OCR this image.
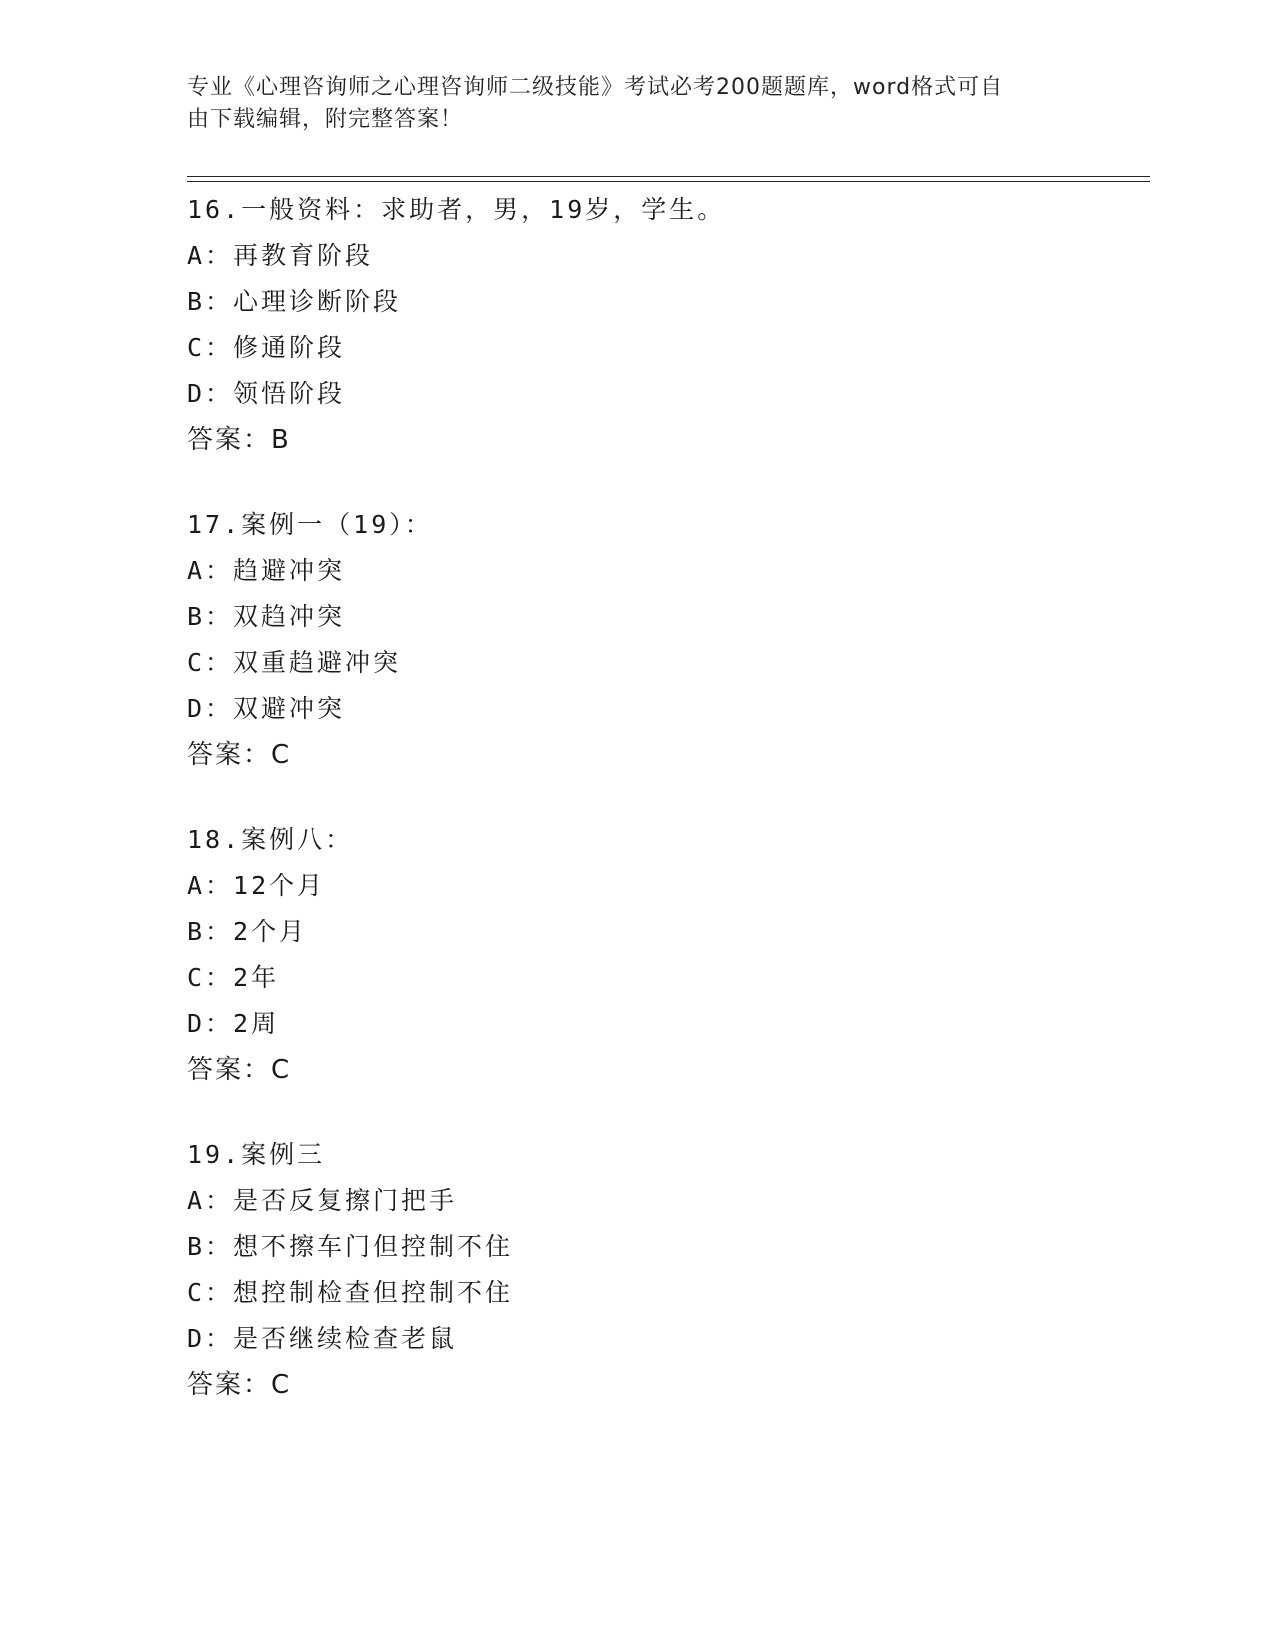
专业《心理咨询师之心理咨询师二级技能》考试必考200题题库，word格式可自
由下载编辑，附完整答案！
16.一般资料：求助者，男，19岁，学生。
A：再教育阶段
B：心理诊断阶段
C：修通阶段
D：领悟阶段
答案：B
17.案例一（19）：
A：趋避冲突
B：双趋冲突
C：双重趋避冲突
D：双避冲突
答案：C
18.案例八：
A：12个月
B：2个月
C：2年
D：2周
答案：C
19.案例三
A：是否反复擦门把手
B：想不擦车门但控制不住
C：想控制检查但控制不住
D：是否继续检查老鼠
答案：C
